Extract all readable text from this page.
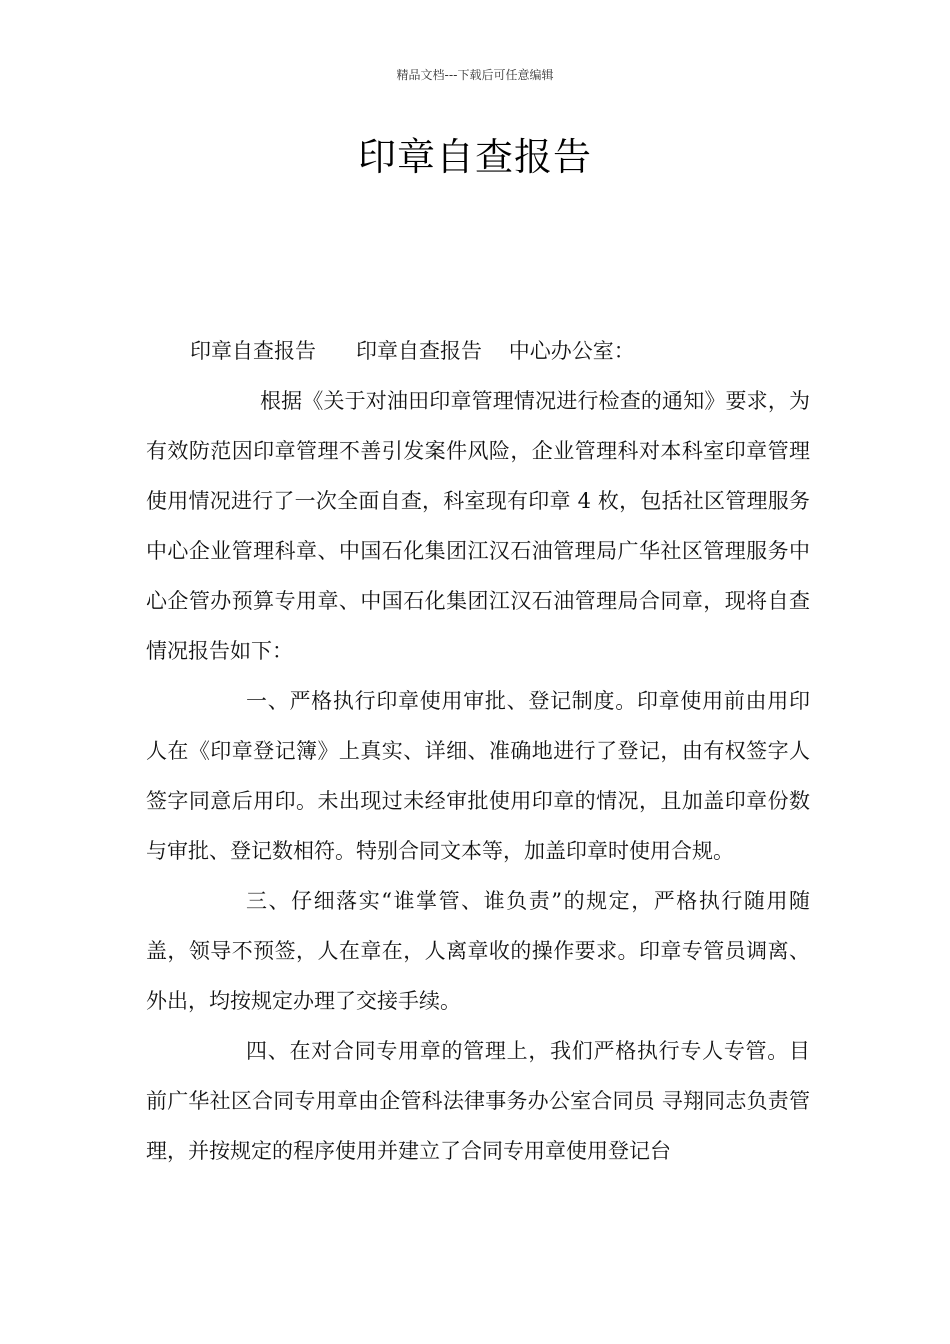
精品文档---下载后可任意编辑
印章自查报告

印章自查报告      印章自查报告    中心办公室：

根据《关于对油田印章管理情况进行检查的通知》要求，为有效防范因印章管理不善引发案件风险，企业管理科对本科室印章管理使用情况进行了一次全面自查，科室现有印章 4 枚，包括社区管理服务中心企业管理科章、中国石化集团江汉石油管理局广华社区管理服务中心企管办预算专用章、中国石化集团江汉石油管理局合同章，现将自查情况报告如下：

一、严格执行印章使用审批、登记制度。印章使用前由用印人在《印章登记簿》上真实、详细、准确地进行了登记，由有权签字人签字同意后用印。未出现过未经审批使用印章的情况，且加盖印章份数与审批、登记数相符。特别合同文本等，加盖印章时使用合规。

三、仔细落实“谁掌管、谁负责”的规定，严格执行随用随盖，领导不预签，人在章在，人离章收的操作要求。印章专管员调离、外出，均按规定办理了交接手续。

四、在对合同专用章的管理上，我们严格执行专人专管。目前广华社区合同专用章由企管科法律事务办公室合同员 寻翔同志负责管理，并按规定的程序使用并建立了合同专用章使用登记台
